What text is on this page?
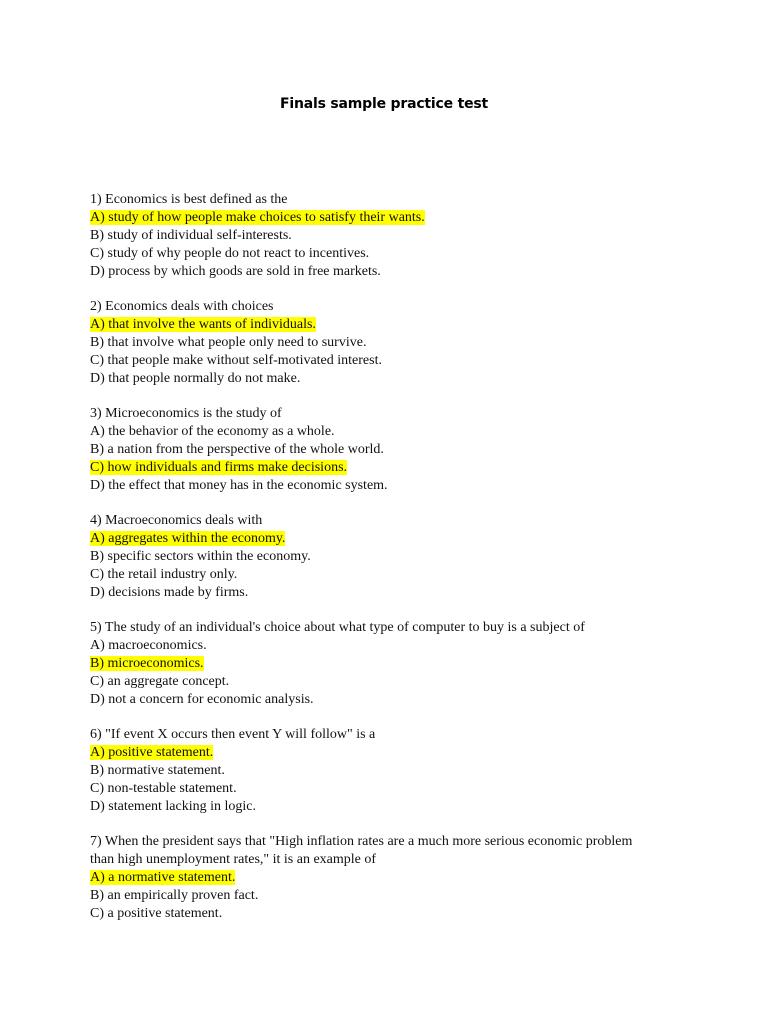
Finals sample practice test
1) Economics is best defined as the
A) study of how people make choices to satisfy their wants.
B) study of individual self-interests.
C) study of why people do not react to incentives.
D) process by which goods are sold in free markets.
2) Economics deals with choices
A) that involve the wants of individuals.
B) that involve what people only need to survive.
C) that people make without self-motivated interest.
D) that people normally do not make.
3) Microeconomics is the study of
A) the behavior of the economy as a whole.
B) a nation from the perspective of the whole world.
C) how individuals and firms make decisions.
D) the effect that money has in the economic system.
4) Macroeconomics deals with
A) aggregates within the economy.
B) specific sectors within the economy.
C) the retail industry only.
D) decisions made by firms.
5) The study of an individual's choice about what type of computer to buy is a subject of
A) macroeconomics.
B) microeconomics.
C) an aggregate concept.
D) not a concern for economic analysis.
6) "If event X occurs then event Y will follow" is a
A) positive statement.
B) normative statement.
C) non-testable statement.
D) statement lacking in logic.
7) When the president says that "High inflation rates are a much more serious economic problem
than high unemployment rates," it is an example of
A) a normative statement.
B) an empirically proven fact.
C) a positive statement.
